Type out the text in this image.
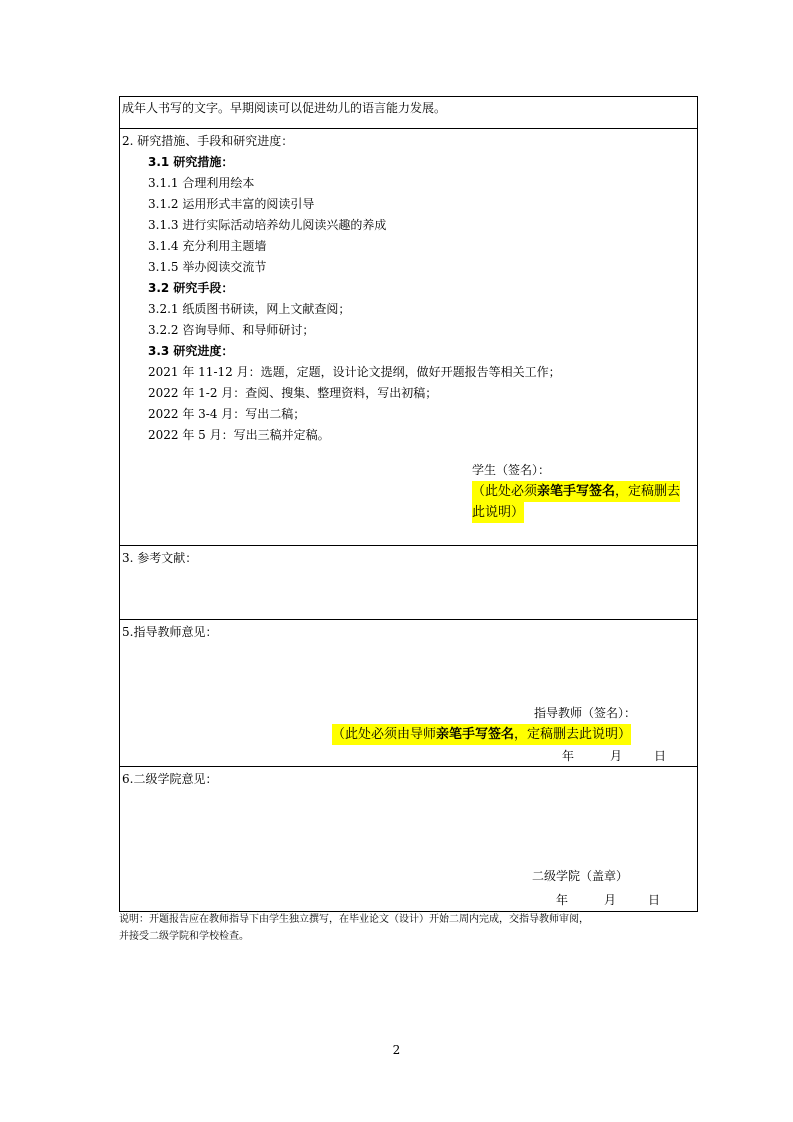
成年人书写的文字。早期阅读可以促进幼儿的语言能力发展。

2. 研究措施、手段和研究进度：
3.1 研究措施：
3.1.1 合理利用绘本
3.1.2 运用形式丰富的阅读引导
3.1.3 进行实际活动培养幼儿阅读兴趣的养成
3.1.4 充分利用主题墙
3.1.5 举办阅读交流节
3.2 研究手段：
3.2.1 纸质图书研读，网上文献查阅；
3.2.2 咨询导师、和导师研讨；
3.3 研究进度：
2021 年 11-12 月：选题，定题，设计论文提纲，做好开题报告等相关工作；
2022 年 1-2 月：查阅、搜集、整理资料，写出初稿；
2022 年 3-4 月：写出二稿；
2022 年 5 月：写出三稿并定稿。
学生（签名）：
（此处必须亲笔手写签名，定稿删去
此说明）

3. 参考文献：

5.指导教师意见：
指导教师（签名）：
（此处必须由导师亲笔手写签名，定稿删去此说明）
年	月	日

6.二级学院意见：
二级学院（盖章）
年	月	日
说明：开题报告应在教师指导下由学生独立撰写，在毕业论文（设计）开始二周内完成，交指导教师审阅，
并接受二级学院和学校检查。
2
